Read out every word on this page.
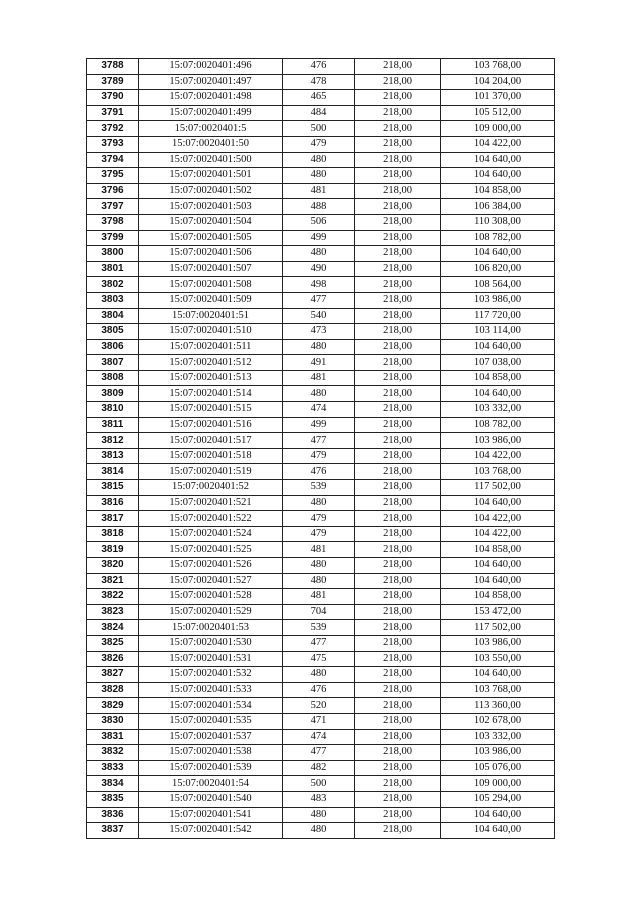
3788	15:07:0020401:496	476	218,00	103 768,00
3789	15:07:0020401:497	478	218,00	104 204,00
3790	15:07:0020401:498	465	218,00	101 370,00
3791	15:07:0020401:499	484	218,00	105 512,00
3792	15:07:0020401:5	500	218,00	109 000,00
3793	15:07:0020401:50	479	218,00	104 422,00
3794	15:07:0020401:500	480	218,00	104 640,00
3795	15:07:0020401:501	480	218,00	104 640,00
3796	15:07:0020401:502	481	218,00	104 858,00
3797	15:07:0020401:503	488	218,00	106 384,00
3798	15:07:0020401:504	506	218,00	110 308,00
3799	15:07:0020401:505	499	218,00	108 782,00
3800	15:07:0020401:506	480	218,00	104 640,00
3801	15:07:0020401:507	490	218,00	106 820,00
3802	15:07:0020401:508	498	218,00	108 564,00
3803	15:07:0020401:509	477	218,00	103 986,00
3804	15:07:0020401:51	540	218,00	117 720,00
3805	15:07:0020401:510	473	218,00	103 114,00
3806	15:07:0020401:511	480	218,00	104 640,00
3807	15:07:0020401:512	491	218,00	107 038,00
3808	15:07:0020401:513	481	218,00	104 858,00
3809	15:07:0020401:514	480	218,00	104 640,00
3810	15:07:0020401:515	474	218,00	103 332,00
3811	15:07:0020401:516	499	218,00	108 782,00
3812	15:07:0020401:517	477	218,00	103 986,00
3813	15:07:0020401:518	479	218,00	104 422,00
3814	15:07:0020401:519	476	218,00	103 768,00
3815	15:07:0020401:52	539	218,00	117 502,00
3816	15:07:0020401:521	480	218,00	104 640,00
3817	15:07:0020401:522	479	218,00	104 422,00
3818	15:07:0020401:524	479	218,00	104 422,00
3819	15:07:0020401:525	481	218,00	104 858,00
3820	15:07:0020401:526	480	218,00	104 640,00
3821	15:07:0020401:527	480	218,00	104 640,00
3822	15:07:0020401:528	481	218,00	104 858,00
3823	15:07:0020401:529	704	218,00	153 472,00
3824	15:07:0020401:53	539	218,00	117 502,00
3825	15:07:0020401:530	477	218,00	103 986,00
3826	15:07:0020401:531	475	218,00	103 550,00
3827	15:07:0020401:532	480	218,00	104 640,00
3828	15:07:0020401:533	476	218,00	103 768,00
3829	15:07:0020401:534	520	218,00	113 360,00
3830	15:07:0020401:535	471	218,00	102 678,00
3831	15:07:0020401:537	474	218,00	103 332,00
3832	15:07:0020401:538	477	218,00	103 986,00
3833	15:07:0020401:539	482	218,00	105 076,00
3834	15:07:0020401:54	500	218,00	109 000,00
3835	15:07:0020401:540	483	218,00	105 294,00
3836	15:07:0020401:541	480	218,00	104 640,00
3837	15:07:0020401:542	480	218,00	104 640,00
